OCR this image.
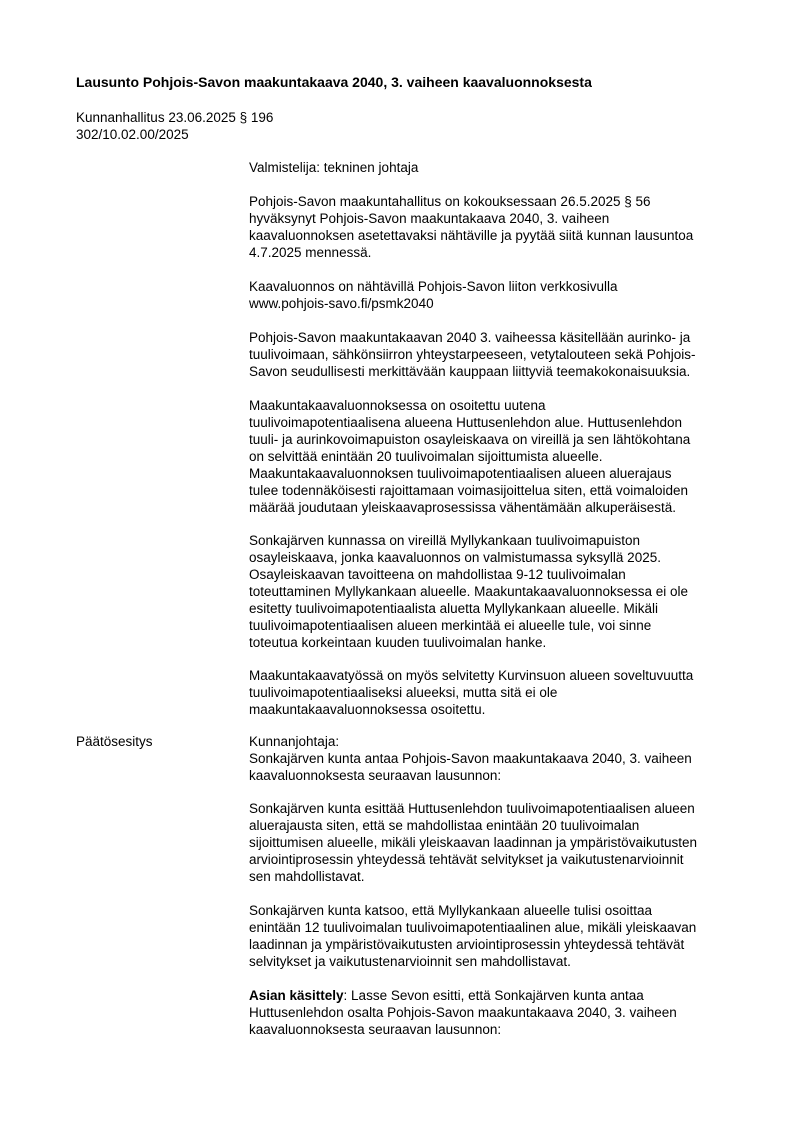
Lausunto Pohjois-Savon maakuntakaava 2040, 3. vaiheen kaavaluonnoksesta
Kunnanhallitus 23.06.2025 § 196
302/10.02.00/2025
Päätösesitys

Valmistelija: tekninen johtaja

Pohjois-Savon maakuntahallitus on kokouksessaan 26.5.2025 § 56
hyväksynyt Pohjois-Savon maakuntakaava 2040, 3. vaiheen
kaavaluonnoksen asetettavaksi nähtäville ja pyytää siitä kunnan lausuntoa
4.7.2025 mennessä.

Kaavaluonnos on nähtävillä Pohjois-Savon liiton verkkosivulla
www.pohjois-savo.fi/psmk2040

Pohjois-Savon maakuntakaavan 2040 3. vaiheessa käsitellään aurinko- ja
tuulivoimaan, sähkönsiirron yhteystarpeeseen, vetytalouteen sekä Pohjois-
Savon seudullisesti merkittävään kauppaan liittyviä teemakokonaisuuksia.

Maakuntakaavaluonnoksessa on osoitettu uutena
tuulivoimapotentiaalisena alueena Huttusenlehdon alue. Huttusenlehdon
tuuli- ja aurinkovoimapuiston osayleiskaava on vireillä ja sen lähtökohtana
on selvittää enintään 20 tuulivoimalan sijoittumista alueelle.
Maakuntakaavaluonnoksen tuulivoimapotentiaalisen alueen aluerajaus
tulee todennäköisesti rajoittamaan voimasijoittelua siten, että voimaloiden
määrää joudutaan yleiskaavaprosessissa vähentämään alkuperäisestä.

Sonkajärven kunnassa on vireillä Myllykankaan tuulivoimapuiston
osayleiskaava, jonka kaavaluonnos on valmistumassa syksyllä 2025.
Osayleiskaavan tavoitteena on mahdollistaa 9-12 tuulivoimalan
toteuttaminen Myllykankaan alueelle. Maakuntakaavaluonnoksessa ei ole
esitetty tuulivoimapotentiaalista aluetta Myllykankaan alueelle. Mikäli
tuulivoimapotentiaalisen alueen merkintää ei alueelle tule, voi sinne
toteutua korkeintaan kuuden tuulivoimalan hanke.

Maakuntakaavatyössä on myös selvitetty Kurvinsuon alueen soveltuvuutta
tuulivoimapotentiaaliseksi alueeksi, mutta sitä ei ole
maakuntakaavaluonnoksessa osoitettu.

Kunnanjohtaja:
Sonkajärven kunta antaa Pohjois-Savon maakuntakaava 2040, 3. vaiheen
kaavaluonnoksesta seuraavan lausunnon:

Sonkajärven kunta esittää Huttusenlehdon tuulivoimapotentiaalisen alueen
aluerajausta siten, että se mahdollistaa enintään 20 tuulivoimalan
sijoittumisen alueelle, mikäli yleiskaavan laadinnan ja ympäristövaikutusten
arviointiprosessin yhteydessä tehtävät selvitykset ja vaikutustenarvioinnit
sen mahdollistavat.

Sonkajärven kunta katsoo, että Myllykankaan alueelle tulisi osoittaa
enintään 12 tuulivoimalan tuulivoimapotentiaalinen alue, mikäli yleiskaavan
laadinnan ja ympäristövaikutusten arviointiprosessin yhteydessä tehtävät
selvitykset ja vaikutustenarvioinnit sen mahdollistavat.

Asian käsittely: Lasse Sevon esitti, että Sonkajärven kunta antaa
Huttusenlehdon osalta Pohjois-Savon maakuntakaava 2040, 3. vaiheen
kaavaluonnoksesta seuraavan lausunnon:
